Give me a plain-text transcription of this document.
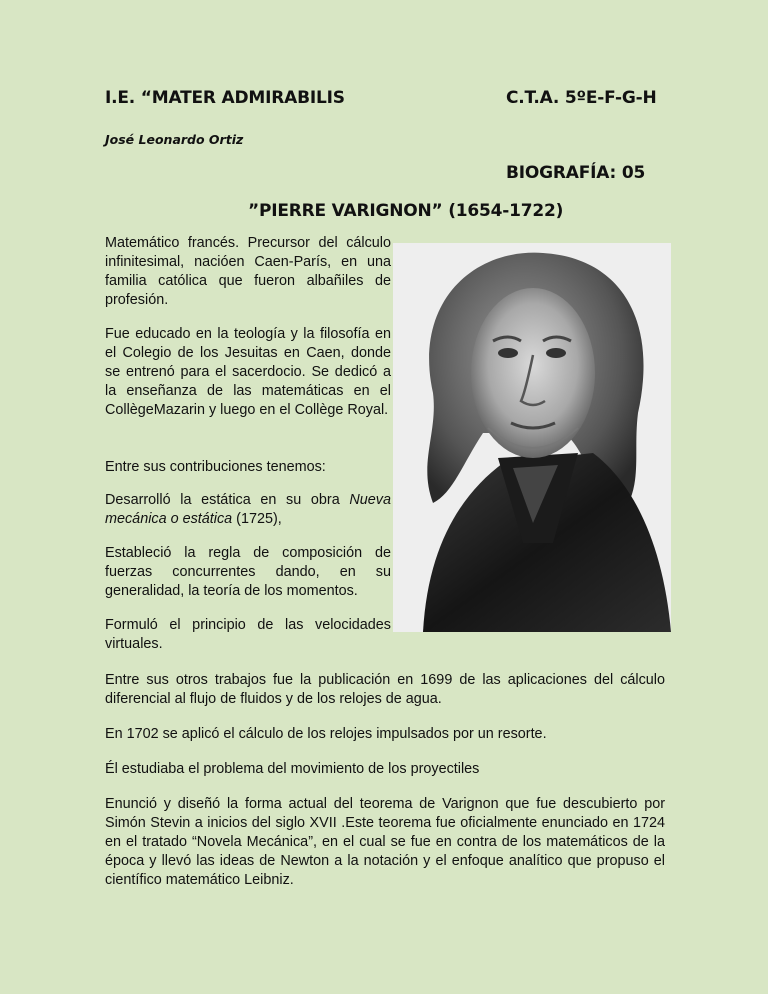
I.E. “MATER ADMIRABILIS	C.T.A. 5ºE-F-G-H
José Leonardo Ortiz
BIOGRAFÍA: 05
”PIERRE VARIGNON” (1654-1722)

Matemático francés. Precursor del cálculo infinitesimal, nacióen Caen-París, en una familia católica que fueron albañiles de profesión.

Fue educado en la teología y la filosofía en el Colegio de los Jesuitas en Caen, donde se entrenó para el sacerdocio. Se dedicó a la enseñanza de las matemáticas en el CollègeMazarin y luego en el Collège Royal.

Entre sus contribuciones tenemos:

Desarrolló la estática en su obra Nueva mecánica o estática (1725),

Estableció la regla de composición de fuerzas concurrentes dando, en su generalidad, la teoría de los momentos.

Formuló el principio de las velocidades virtuales.

Entre sus otros trabajos fue la publicación en 1699 de las aplicaciones del cálculo diferencial al flujo de fluidos y de los relojes de agua.

En 1702 se aplicó el cálculo de los relojes impulsados por un resorte.

Él estudiaba el problema del movimiento de los proyectiles

Enunció y diseñó la forma actual del teorema de Varignon que fue descubierto por Simón Stevin a inicios del siglo XVII .Este teorema fue oficialmente enunciado en 1724 en el tratado “Novela Mecánica”, en el cual se fue en contra de los matemáticos de la época y llevó las ideas de Newton a la notación y el enfoque analítico que propuso el científico matemático Leibniz.
